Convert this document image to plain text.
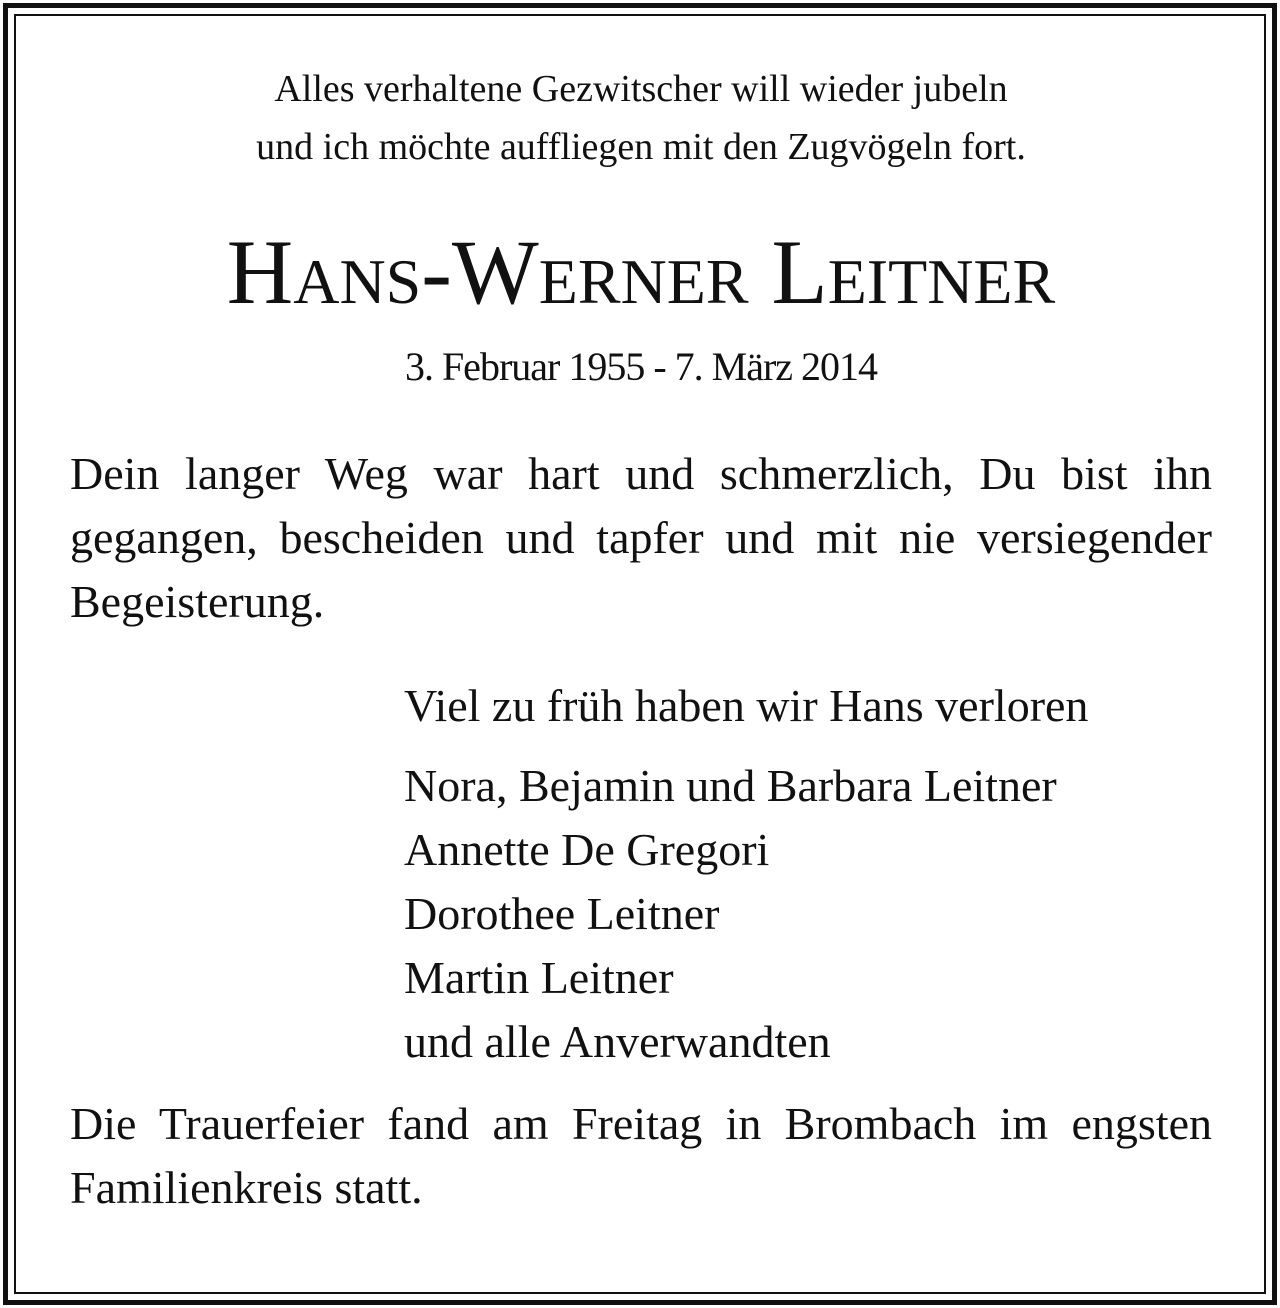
Alles verhaltene Gezwitscher will wieder jubeln
und ich möchte auffliegen mit den Zugvögeln fort.
Hans-Werner Leitner
3. Februar 1955 - 7. März 2014

Dein langer Weg war hart und schmerzlich, Du bist ihn gegangen, bescheiden und tapfer und mit nie versiegender Begeisterung.

Viel zu früh haben wir Hans verloren
Nora, Bejamin und Barbara Leitner
Annette De Gregori
Dorothee Leitner
Martin Leitner
und alle Anverwandten

Die Trauerfeier fand am Freitag in Brombach im engsten Familienkreis statt.
